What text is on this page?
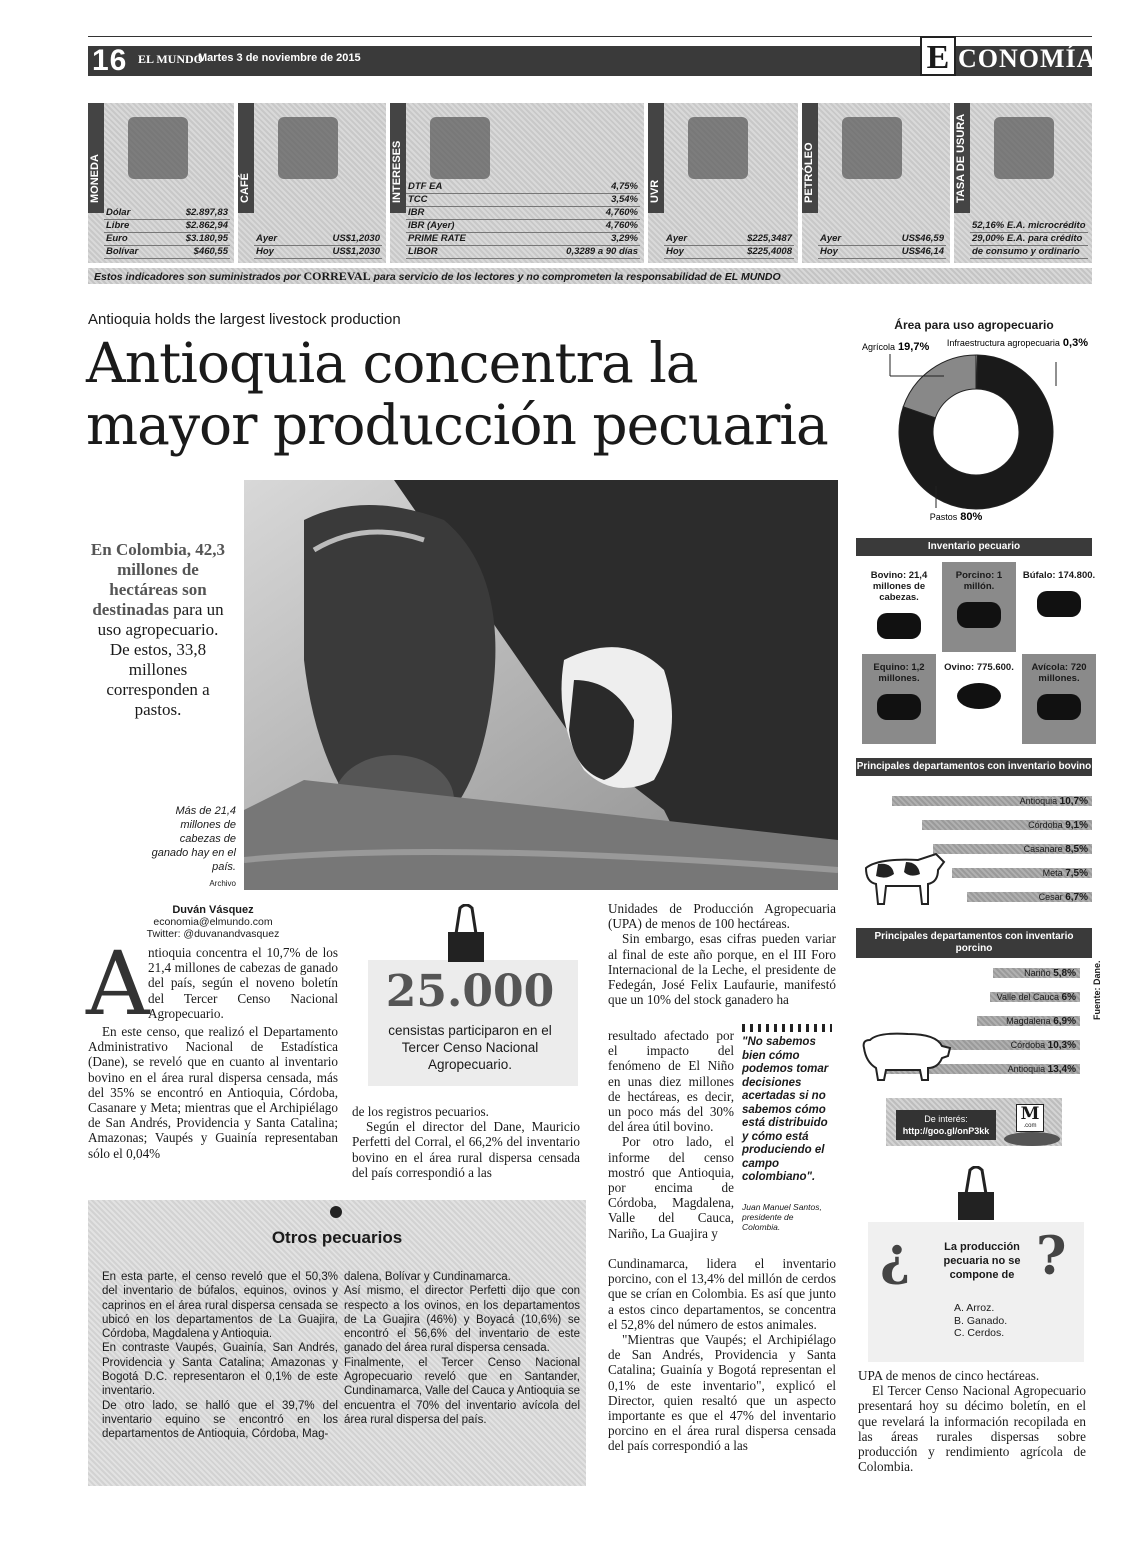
16 EL MUNDO
Martes 3 de noviembre de 2015	E CONOMÍA
MONEDA
Dólar	$2.897,83
Libre	$2.862,94
Euro	$3.180,95
Bolívar	$460,55
CAFÉ
Ayer	US$1,2030
Hoy	US$1,2030
INTERESES DTF EA	4,75%
TCC	3,54%
IBR	4,760%
IBR (Ayer)	4,760%
PRIME RATE	3,29%
LIBOR	0,3289 a 90 días
UVR
Ayer	$225,3487
Hoy	$225,4008
PETRÓLEO
Ayer	US$46,59
Hoy	US$46,14
TASA DE USURA
52,16% E.A. microcrédito
29,00% E.A. para crédito
de consumo y ordinario
Estos indicadores son suministrados por CORREVAL para servicio de los lectores y no comprometen la responsabilidad de EL MUNDO
Antioquia holds the largest livestock production
Antioquia concentra la mayor producción pecuaria
En Colombia, 42,3 millones de hectáreas son destinadas para un uso agropecuario. De estos, 33,8 millones corresponden a pastos.
Más de 21,4 millones de cabezas de ganado hay en el país.
Archivo
Duván Vásquez
economia@elmundo.com
Twitter: @duvanandvasquez
A

ntioquia concentra el 10,7% de los 21,4 millones de cabezas de ganado del país, según el noveno boletín del Tercer Censo Nacional Agropecuario.

En este censo, que realizó el Departamento Administrativo Nacional de Estadística (Dane), se reveló que en cuanto al inventario bovino en el área rural dispersa censada, más del 35% se encontró en Antioquia, Córdoba, Casanare y Meta; mientras que el Archipiélago de San Andrés, Providencia y Santa Catalina; Amazonas; Vaupés y Guainía representaban sólo el 0,04%

25.000
censistas participaron en el Tercer Censo Nacional Agropecuario.

de los registros pecuarios.

Según el director del Dane, Mauricio Perfetti del Corral, el 66,2% del inventario bovino en el área rural dispersa censada del país correspondió a las

Unidades de Producción Agropecuaria (UPA) de menos de 100 hectáreas.

Sin embargo, esas cifras pueden variar al final de este año porque, en el III Foro Internacional de la Leche, el presidente de Fedegán, José Felix Laufaurie, manifestó que un 10% del stock ganadero ha

resultado afectado por el impacto del fenómeno de El Niño en unas diez millones de hectáreas, es decir, un poco más del 30% del área útil bovino.

Por otro lado, el informe del censo mostró que Antioquia, por encima de Córdoba, Magdalena, Valle del Cauca, Nariño, La Guajira y

Cundinamarca, lidera el inventario porcino, con el 13,4% del millón de cerdos que se crían en Colombia. Es así que junto a estos cinco departamentos, se concentra el 52,8% del número de estos animales.

"Mientras que Vaupés; el Archipiélago de San Andrés, Providencia y Santa Catalina; Guainía y Bogotá representan el 0,1% de este inventario", explicó el Director, quien resaltó que un aspecto importante es que el 47% del inventario porcino en el área rural dispersa censada del país correspondió a las

"No sabemos bien cómo podemos tomar decisiones acertadas si no sabemos cómo está distribuido y cómo está produciendo el campo colombiano".
Juan Manuel Santos, presidente de Colombia.
Otros pecuarios
En esta parte, el censo reveló que el 50,3% del inventario de búfalos, equinos, ovinos y caprinos en el área rural dispersa censada se ubicó en los departamentos de La Guajira, Córdoba, Magdalena y Antioquia.
En contraste Vaupés, Guainía, San Andrés, Providencia y Santa Catalina; Amazonas y Bogotá D.C. representaron el 0,1% de este inventario.
De otro lado, se halló que el 39,7% del inventario equino se encontró en los departamentos de Antioquia, Córdoba, Mag-
dalena, Bolívar y Cundinamarca.
Así mismo, el director Perfetti dijo que con respecto a los ovinos, en los departamentos de La Guajira (46%) y Boyacá (10,6%) se encontró el 56,6% del inventario de este ganado del área rural dispersa censada.
Finalmente, el Tercer Censo Nacional Agropecuario reveló que en Santander, Cundinamarca, Valle del Cauca y Antioquia se encuentra el 70% del inventario avícola del área rural dispersa del país.
Área para uso agropecuario
Agrícola 19,7% Infraestructura agropecuaria 0,3%
Pastos 80%
Inventario pecuario
Bovino: 21,4 millones de cabezas.
Porcino: 1 millón.
Búfalo: 174.800.
Equino: 1,2 millones.
Ovino: 775.600.	Avícola: 720 millones.
Principales departamentos con inventario bovino
Antioquia 10,7%
Córdoba 9,1%
Casanare 8,5%
Meta 7,5%
Cesar 6,7%
Principales departamentos con inventario porcino
Nariño 5,8%
Valle del Cauca 6%
Magdalena 6,9%
Córdoba 10,3%
Antioquia 13,4%
Fuente: Dane.
De interés:
http://goo.gl/onP3kk
M
.com
¿ ?
La producción pecuaria no se compone de
A. Arroz.
B. Ganado.
C. Cerdos.

UPA de menos de cinco hectáreas.

El Tercer Censo Nacional Agropecuario presentará hoy su décimo boletín, en el que revelará la información recopilada en las áreas rurales dispersas sobre producción y rendimiento agrícola de Colombia.
